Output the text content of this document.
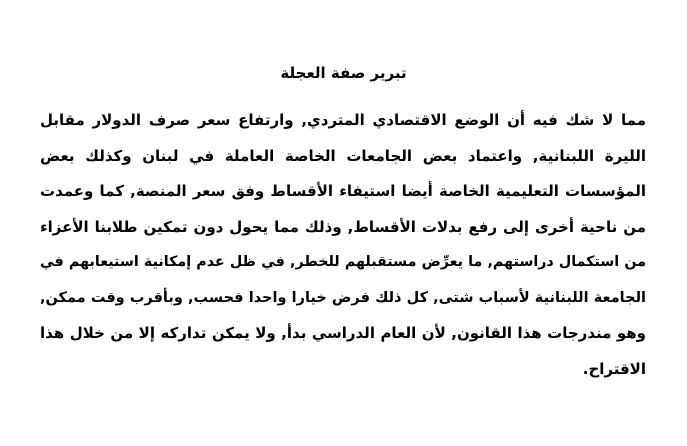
تبرير صفة العجلة
مما لا شك فيه أن الوضع الاقتصادي المتردي, وارتفاع سعر صرف الدولار مقابل
الليرة اللبنانية, واعتماد بعض الجامعات الخاصة العاملة في لبنان وكذلك بعض
المؤسسات التعليمية الخاصة أيضا استيفاء الأقساط وفق سعر المنصة, كما وعمدت
من ناحية أخرى إلى رفع بدلات الأقساط, وذلك مما يحول دون تمكين طلابنا الأعزاء
من استكمال دراستهم, ما يعرِّض مستقبلهم للخطر, في ظل عدم إمكانية استيعابهم في
الجامعة اللبنانية لأسباب شتى, كل ذلك فرض خيارا واحدا فحسب, وبأقرب وقت ممكن,
وهو مندرجات هذا القانون, لأن العام الدراسي بدأ, ولا يمكن تداركه إلا من خلال هذا
الاقتراح.
